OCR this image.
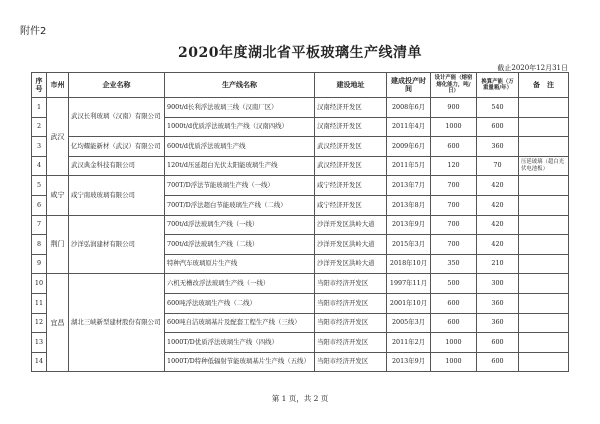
附件2
2020年度湖北省平板玻璃生产线清单
截止2020年12月31日
序号	市州	企业名称	生产线名称	建设地址	建成投产时间	设计产能（熔窑熔化能力，吨/日）	换算产能（万重量箱/年）	备　注
1	武汉	武汉长利玻璃（汉南）有限公司	900t/d长利浮法玻璃三线（汉南厂区）	汉南经济开发区	2008年6月	900	540	
2			1000t/d优质浮法玻璃生产线（汉南四线）	汉南经济开发区	2011年4月	1000	600	
3		亿均耀能新材（武汉）有限公司	600t/d优质浮法玻璃生产线	武汉经济开发区	2009年6月	600	360	
4		武汉典金科技有限公司	120t/d压延超白光伏太阳能玻璃生产线	武汉经济开发区	2011年5月	120	70	压延玻璃（超白光伏电池板）
5	咸宁	咸宁南玻玻璃有限公司	700T/D浮法节能玻璃生产线（一线）	咸宁经济开发区	2013年7月	700	420	
6			700T/D浮法超白节能玻璃生产线（二线）	咸宁经济开发区	2013年8月	700	420	
7	荆门	沙洋弘润建材有限公司	700t/d浮法玻璃生产线（一线）	沙洋开发区洪岭大道	2013年9月	700	420	
8			700t/d浮法玻璃生产线（二线）	沙洋开发区洪岭大道	2015年3月	700	420	
9			特种汽车玻璃原片生产线	沙洋开发区洪岭大道	2018年10月	350	210	
10	宜昌	湖北三峡新型建材股份有限公司	六机无槽改浮法玻璃生产线（一线）	当阳市经济开发区	1997年11月	500	300	
11			600吨浮法玻璃生产线（二线）	当阳市经济开发区	2001年10月	600	360	
12			600吨自洁玻璃基片及配套工程生产线（三线）	当阳市经济开发区	2005年3月	600	360	
13			1000T/D优质浮法玻璃生产线（四线）	当阳市经济开发区	2011年2月	1000	600	
14			1000T/D特种低辐射节能玻璃基片生产线（五线）	当阳市经济开发区	2013年9月	1000	600	
第 1 页，共 2 页
